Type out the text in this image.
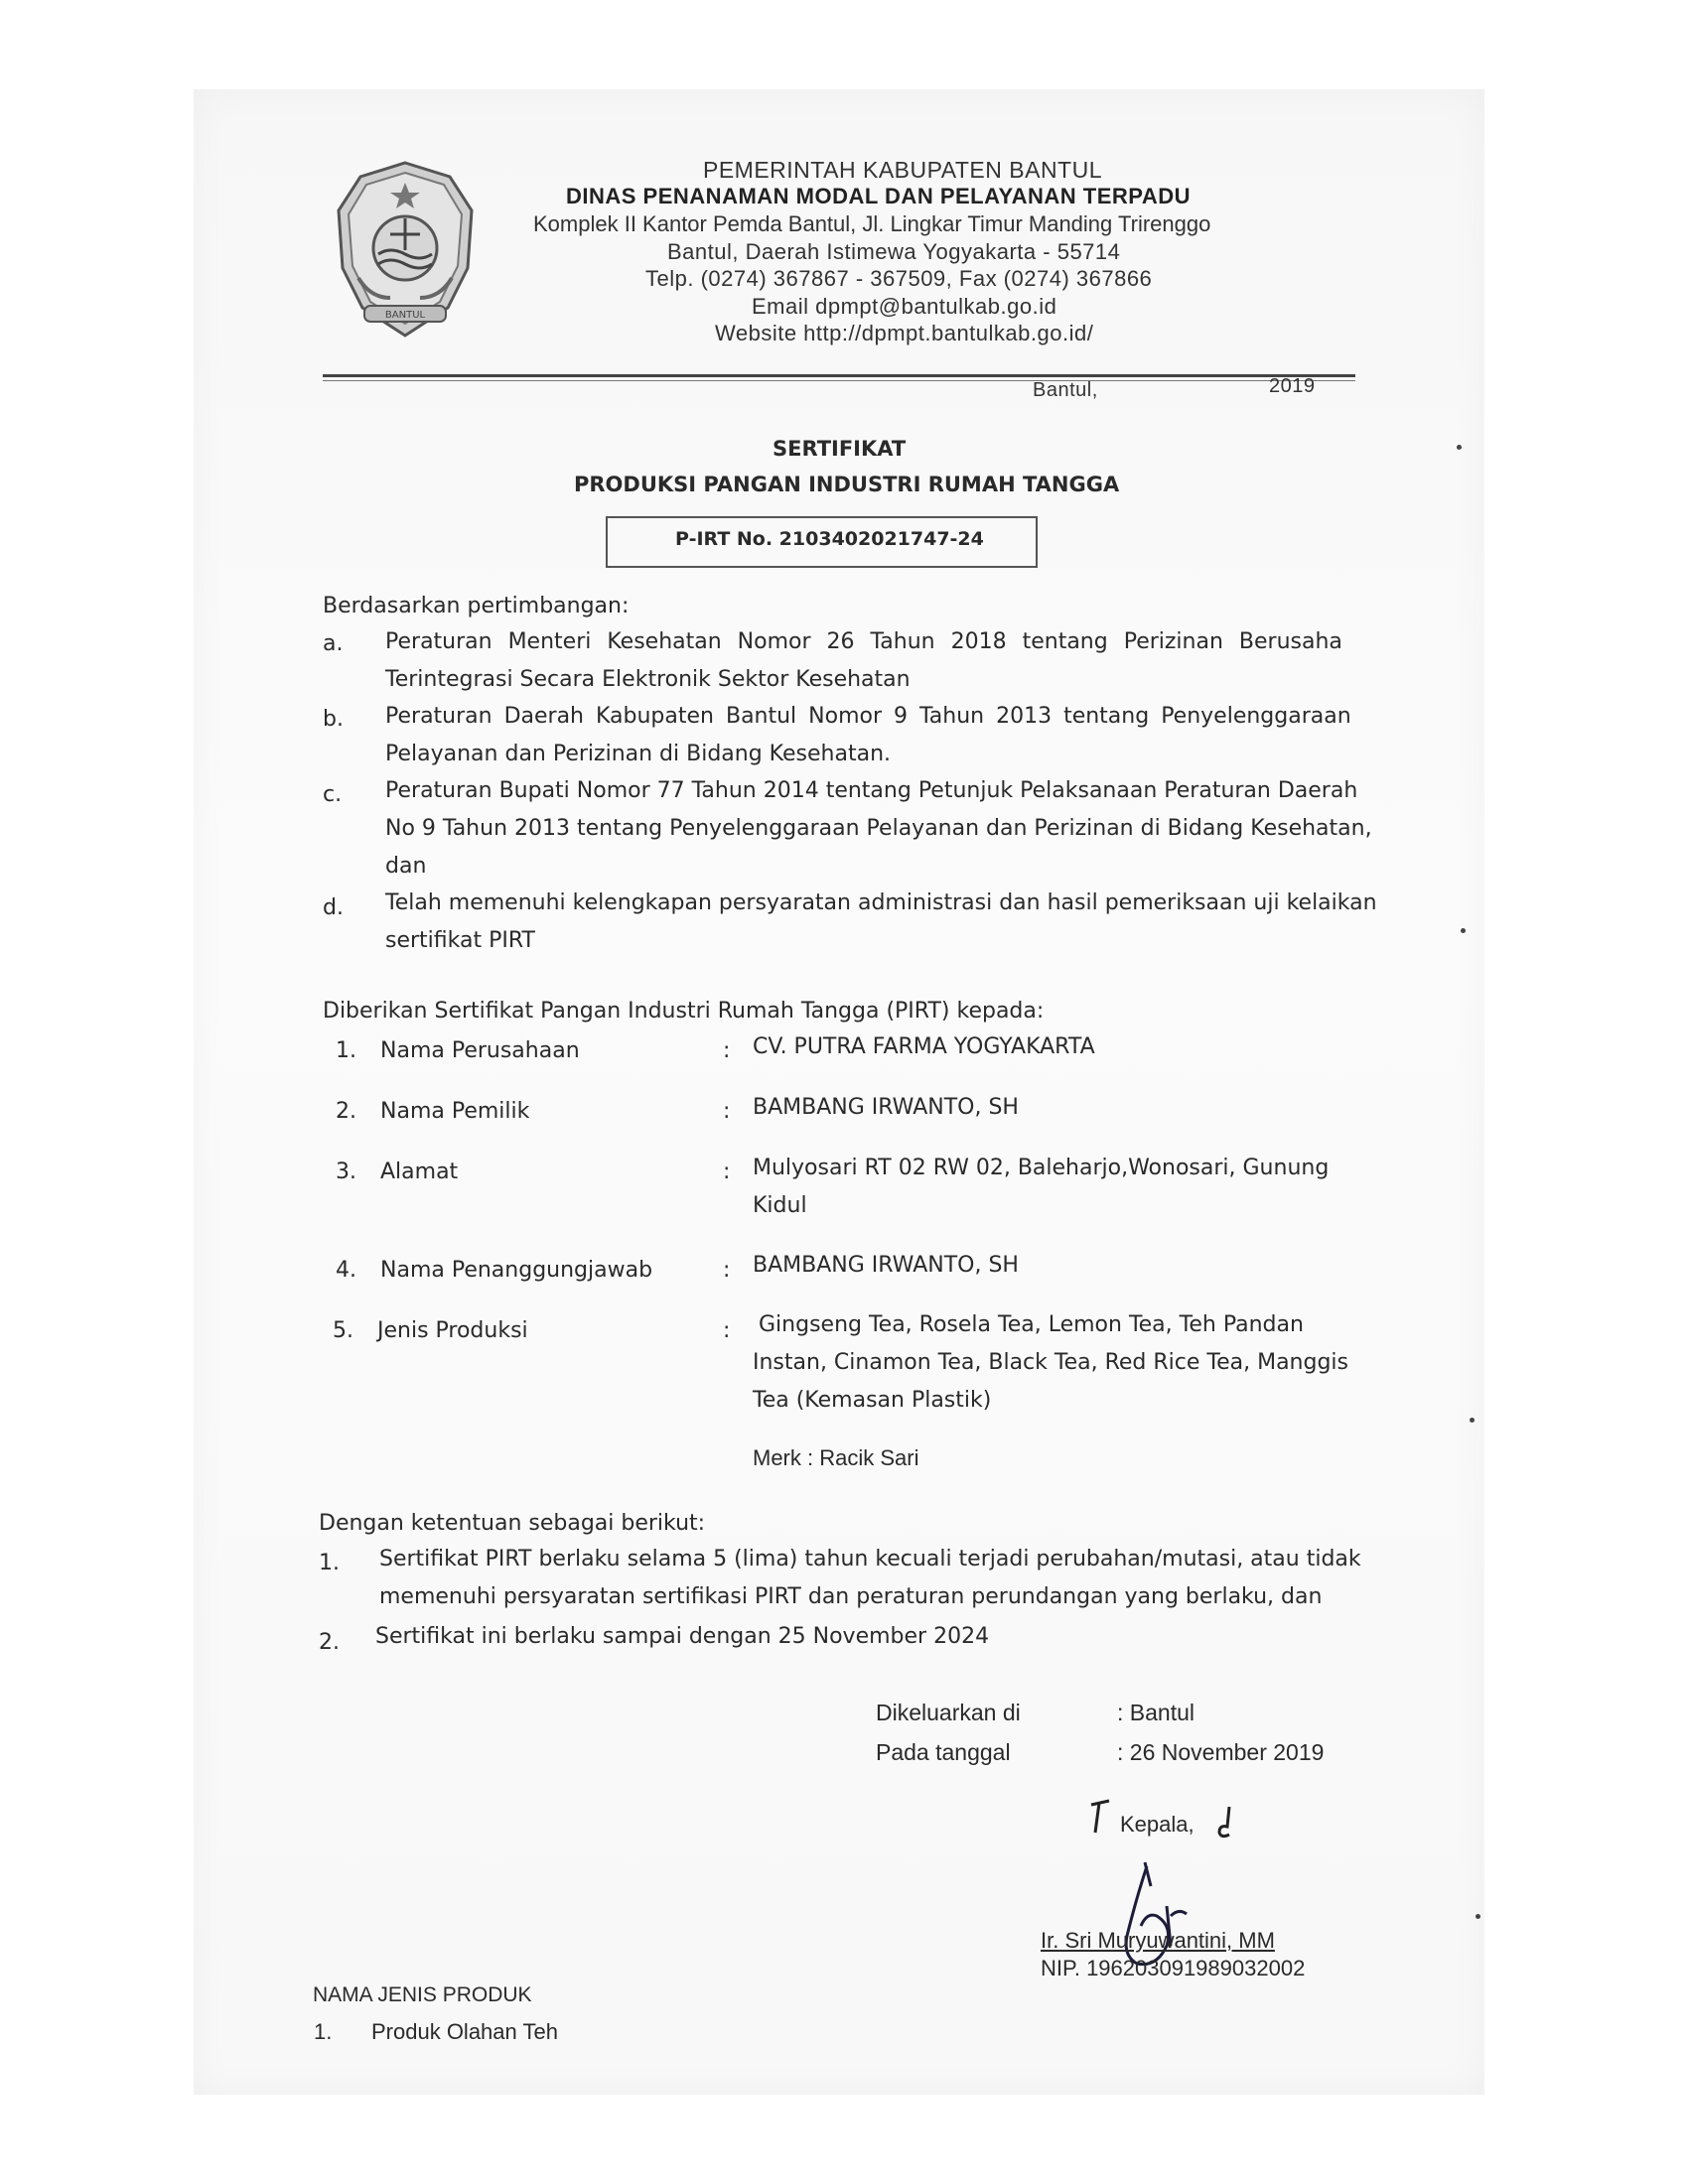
BANTUL
PEMERINTAH KABUPATEN BANTUL
DINAS PENANAMAN MODAL DAN PELAYANAN TERPADU
Komplek II Kantor Pemda Bantul, Jl. Lingkar Timur Manding Trirenggo
Bantul, Daerah Istimewa Yogyakarta - 55714
Telp. (0274) 367867 - 367509, Fax (0274) 367866
Email dpmpt@bantulkab.go.id
Website http://dpmpt.bantulkab.go.id/
Bantul,	2019
SERTIFIKAT
PRODUKSI PANGAN INDUSTRI RUMAH TANGGA
P-IRT No. 2103402021747-24
Berdasarkan pertimbangan:
a. Peraturan Menteri Kesehatan Nomor 26 Tahun 2018 tentang Perizinan Berusaha
Terintegrasi Secara Elektronik Sektor Kesehatan
b. Peraturan Daerah Kabupaten Bantul Nomor 9 Tahun 2013 tentang Penyelenggaraan
Pelayanan dan Perizinan di Bidang Kesehatan.
c. Peraturan Bupati Nomor 77 Tahun 2014 tentang Petunjuk Pelaksanaan Peraturan Daerah
No 9 Tahun 2013 tentang Penyelenggaraan Pelayanan dan Perizinan di Bidang Kesehatan,
dan
d. Telah memenuhi kelengkapan persyaratan administrasi dan hasil pemeriksaan uji kelaikan
sertifikat PIRT
Diberikan Sertifikat Pangan Industri Rumah Tangga (PIRT) kepada:
1. Nama Perusahaan	: CV. PUTRA FARMA YOGYAKARTA
2. Nama Pemilik	: BAMBANG IRWANTO, SH
3. Alamat	: Mulyosari RT 02 RW 02, Baleharjo,Wonosari, Gunung
Kidul
4. Nama Penanggungjawab	: BAMBANG IRWANTO, SH
5. Jenis Produksi	: Gingseng Tea, Rosela Tea, Lemon Tea, Teh Pandan
Instan, Cinamon Tea, Black Tea, Red Rice Tea, Manggis
Tea (Kemasan Plastik)
Merk : Racik Sari
Dengan ketentuan sebagai berikut:
1. Sertifikat PIRT berlaku selama 5 (lima) tahun kecuali terjadi perubahan/mutasi, atau tidak
memenuhi persyaratan sertifikasi PIRT dan peraturan perundangan yang berlaku, dan
2. Sertifikat ini berlaku sampai dengan 25 November 2024
Dikeluarkan di	: Bantul
Pada tanggal	: 26 November 2019
Kepala,
Ir. Sri Muryuwantini, MM
NIP. 196203091989032002
NAMA JENIS PRODUK
1. Produk Olahan Teh
